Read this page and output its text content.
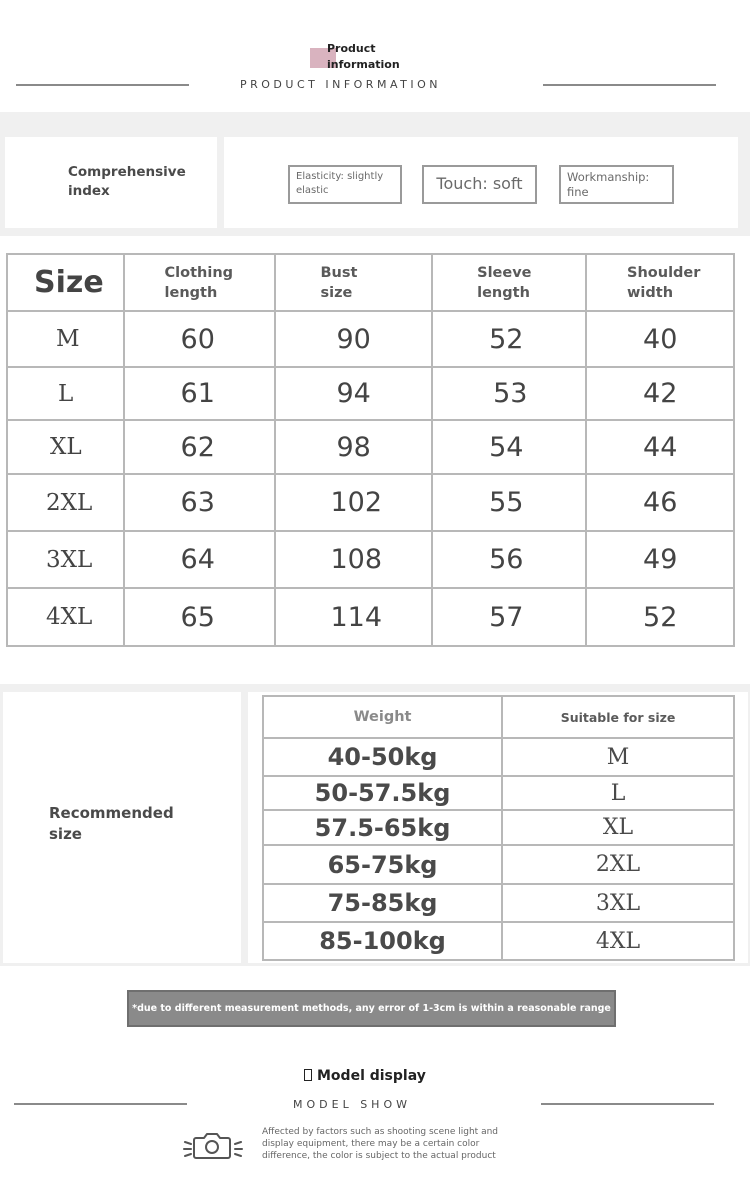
Product information
PRODUCT INFORMATION
Comprehensive index
Elasticity: slightly elastic	Touch: soft	Workmanship: fine
Size	Clothing length	Bust size	Sleeve length	Shoulder width
M	60	90	52	40
L	61	94	53	42
XL	62	98	54	44
2XL	63	102	55	46
3XL	64	108	56	49
4XL	65	114	57	52
Recommended size
Weight	Suitable for size
40-50kg	M
50-57.5kg	L
57.5-65kg	XL
65-75kg	2XL
75-85kg	3XL
85-100kg	4XL
*due to different measurement methods, any error of 1-3cm is within a reasonable range
Model display
MODEL SHOW
Affected by factors such as shooting scene light and display equipment, there may be a certain color difference, the color is subject to the actual product
